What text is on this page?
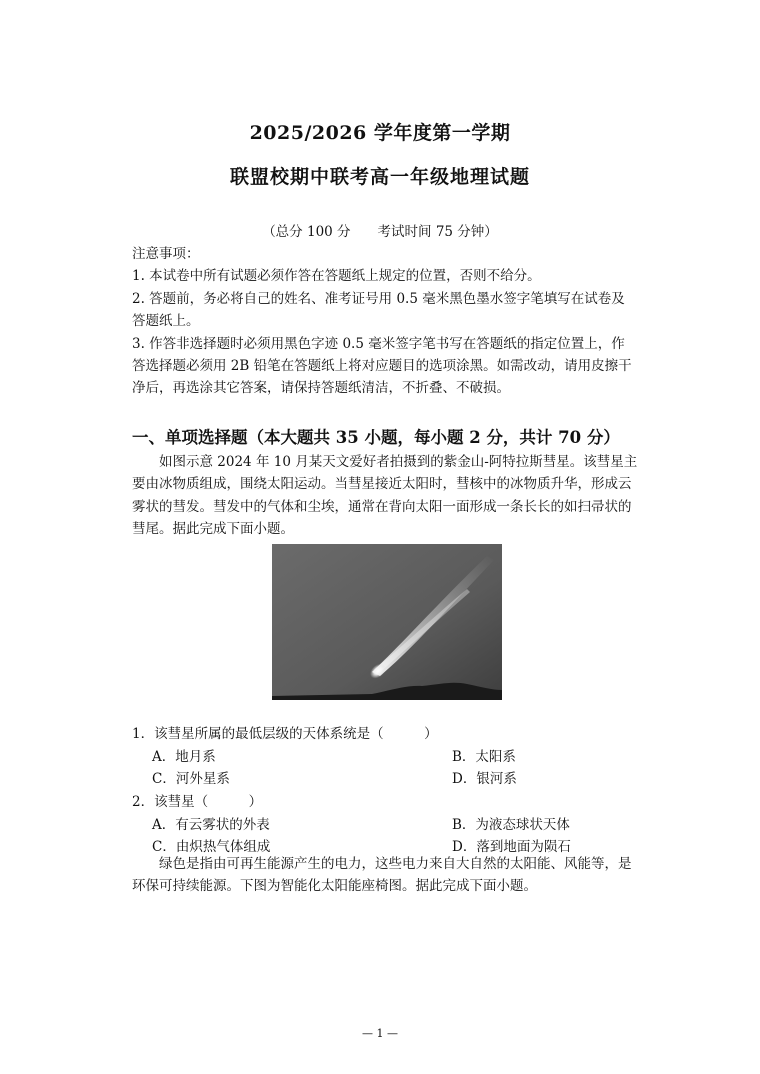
2025/2026 学年度第一学期
联盟校期中联考高一年级地理试题
（总分 100 分　　考试时间 75 分钟）

注意事项：

1. 本试卷中所有试题必须作答在答题纸上规定的位置，否则不给分。

2. 答题前，务必将自己的姓名、准考证号用 0.5 毫米黑色墨水签字笔填写在试卷及答题纸上。

3. 作答非选择题时必须用黑色字迹 0.5 毫米签字笔书写在答题纸的指定位置上，作答选择题必须用 2B 铅笔在答题纸上将对应题目的选项涂黑。如需改动，请用皮擦干净后，再选涂其它答案，请保持答题纸清洁，不折叠、不破损。

一、单项选择题（本大题共 35 小题，每小题 2 分，共计 70 分）

如图示意 2024 年 10 月某天文爱好者拍摄到的紫金山-阿特拉斯彗星。该彗星主要由冰物质组成，围绕太阳运动。当彗星接近太阳时，彗核中的冰物质升华，形成云雾状的彗发。彗发中的气体和尘埃，通常在背向太阳一面形成一条长长的如扫帚状的彗尾。据此完成下面小题。

1．该彗星所属的最低层级的天体系统是（　　　）
A．地月系	B．太阳系
C．河外星系	D．银河系
2．该彗星（　　　）
A．有云雾状的外表	B．为液态球状天体
C．由炽热气体组成	D．落到地面为陨石

绿色是指由可再生能源产生的电力，这些电力来自大自然的太阳能、风能等，是环保可持续能源。下图为智能化太阳能座椅图。据此完成下面小题。

— 1 —
